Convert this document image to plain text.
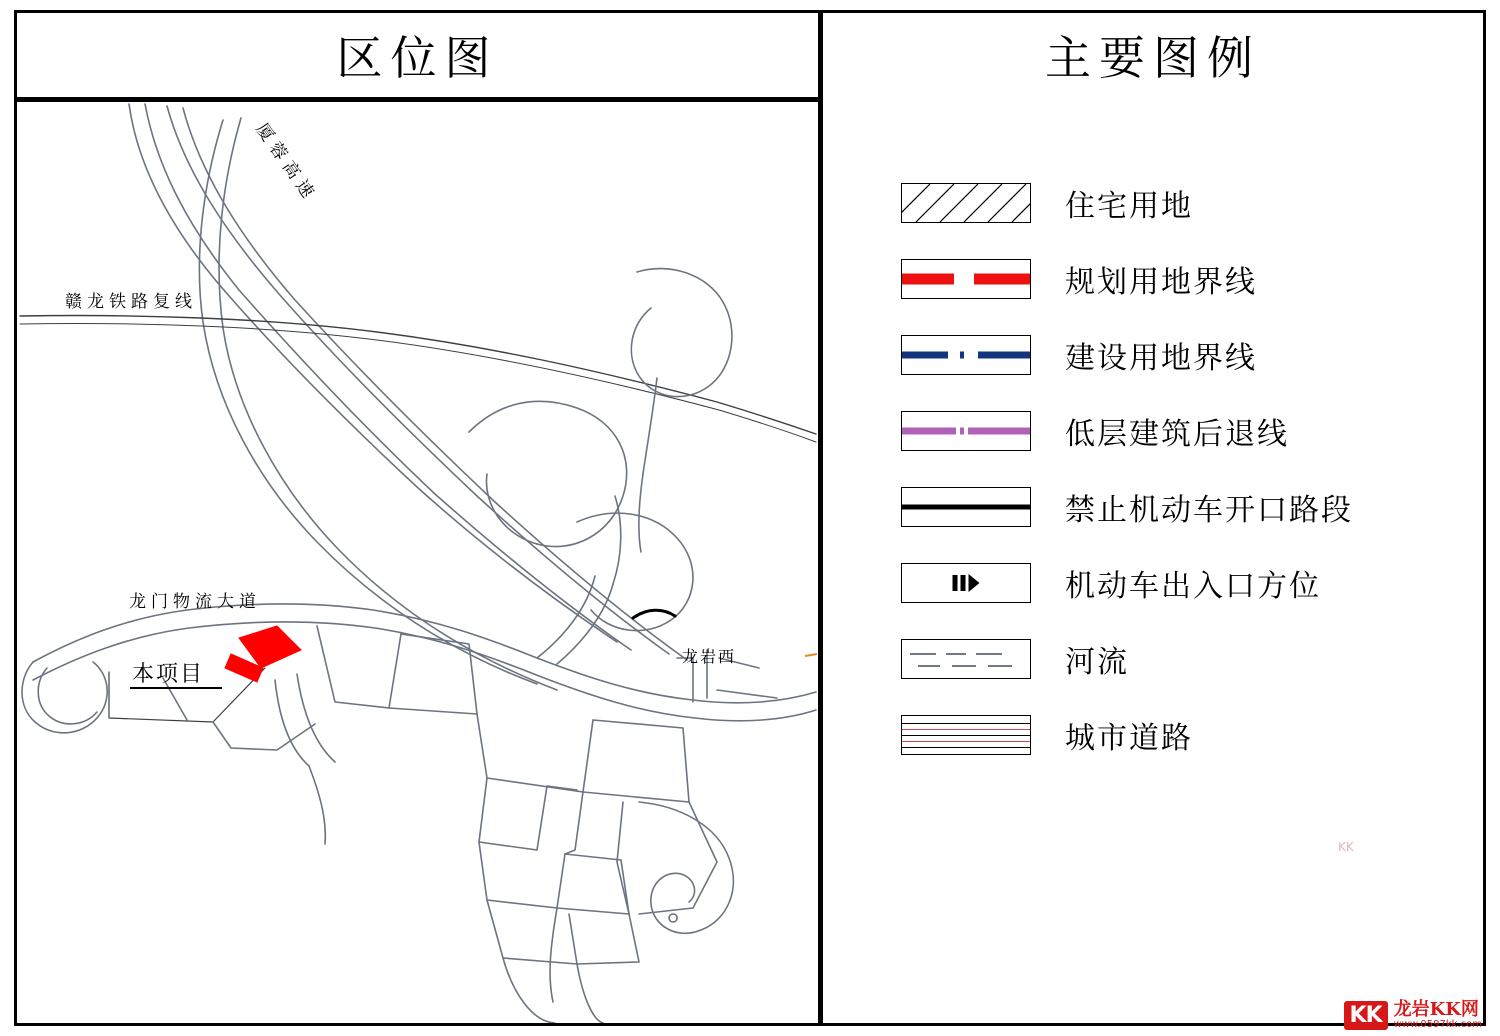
区位图	主要图例
赣龙铁路复线
厦蓉高速
龙门物流大道
本项目
龙岩西
住宅用地
规划用地界线
建设用地界线
低层建筑后退线
禁止机动车开口路段
机动车出入口方位
河流
城市道路
KK
KK 龙岩KK网
www.0597kk.com
